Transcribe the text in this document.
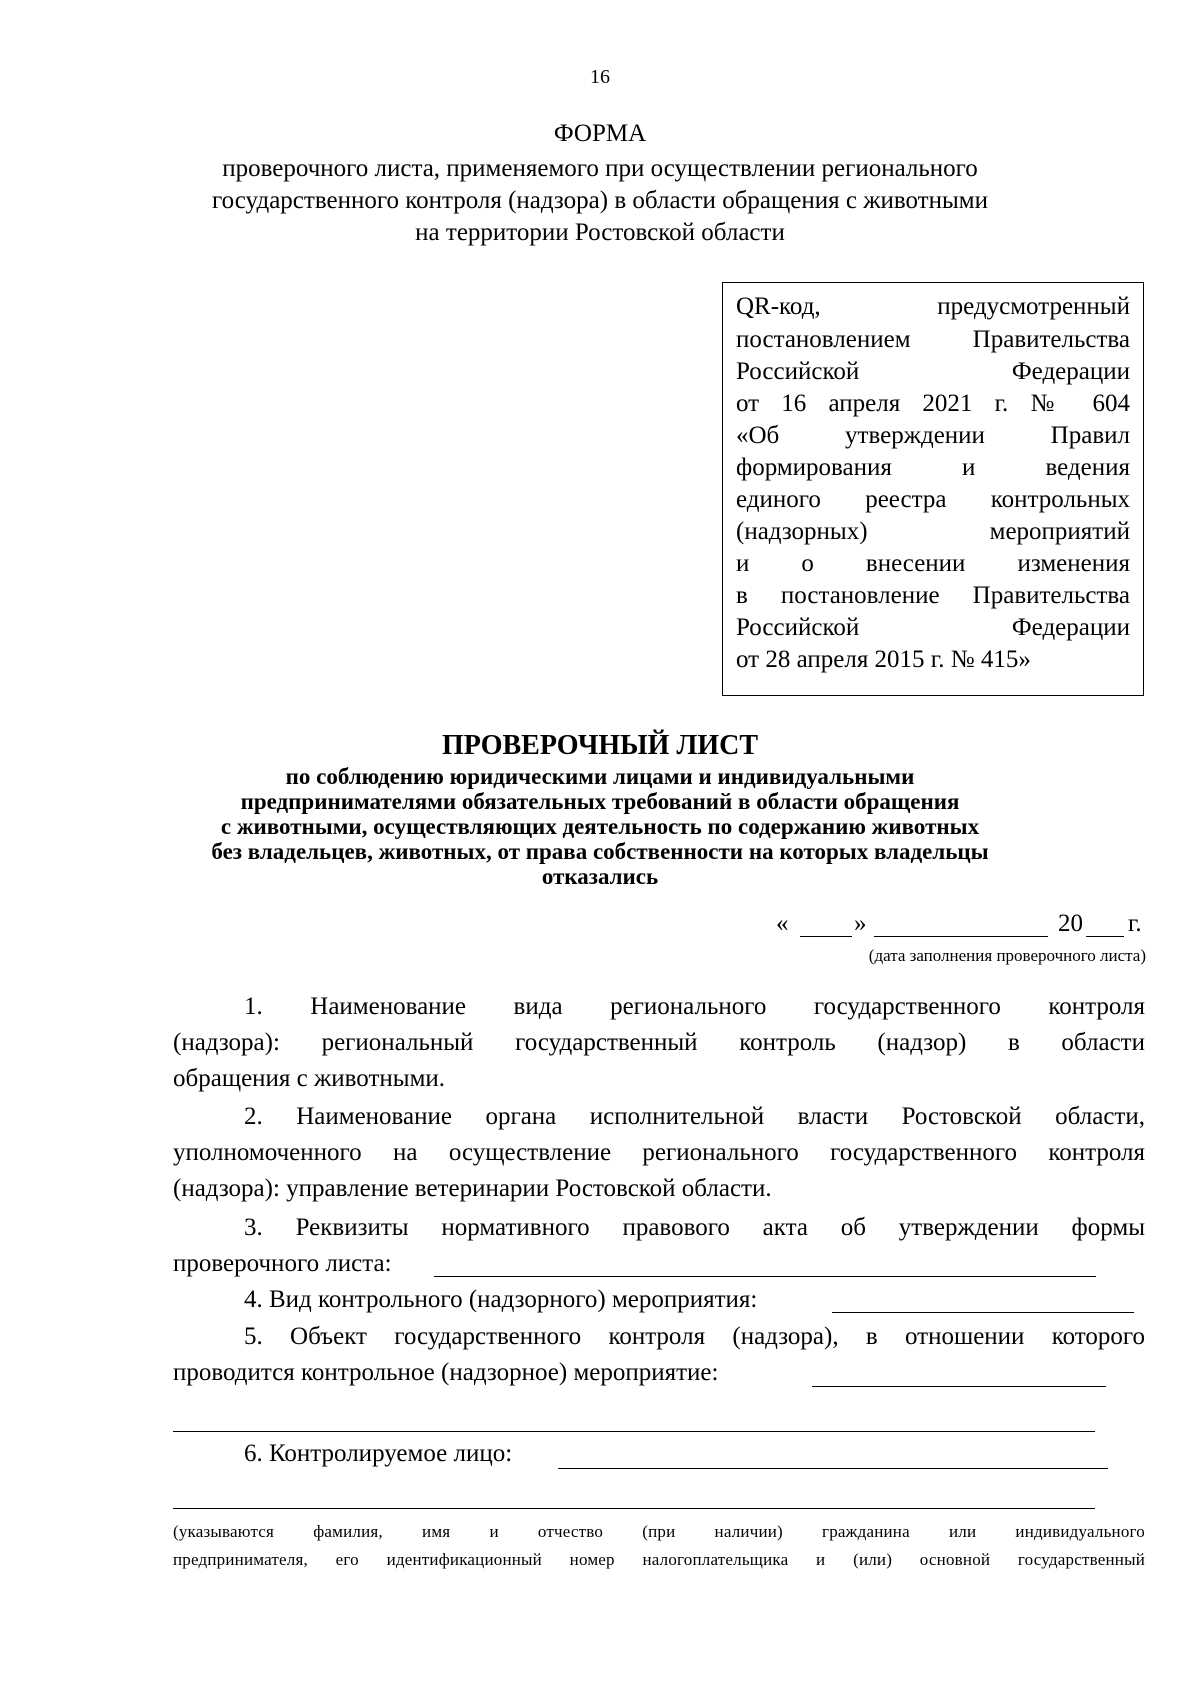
16
ФОРМА
проверочного листа, применяемого при осуществлении регионального
государственного контроля (надзора) в области обращения с животными
на территории Ростовской области
QR-код, предусмотренный
постановлением Правительства
Российской Федерации
от 16 апреля 2021 г. № 604
«Об утверждении Правил
формирования и ведения
единого реестра контрольных
(надзорных) мероприятий
и о внесении изменения
в постановление Правительства
Российской Федерации
от 28 апреля 2015 г. № 415»
ПРОВЕРОЧНЫЙ ЛИСТ
по соблюдению юридическими лицами и индивидуальными
предпринимателями обязательных требований в области обращения
с животными, осуществляющих деятельность по содержанию животных
без владельцев, животных, от права собственности на которых владельцы
отказались
«	»	20 г.
(дата заполнения проверочного листа)
1. Наименование вида регионального государственного контроля
(надзора): региональный государственный контроль (надзор) в области
обращения с животными.
2. Наименование органа исполнительной власти Ростовской области,
уполномоченного на осуществление регионального государственного контроля
(надзора): управление ветеринарии Ростовской области.
3. Реквизиты нормативного правового акта об утверждении формы
проверочного листа:
4. Вид контрольного (надзорного) мероприятия:
5. Объект государственного контроля (надзора), в отношении которого
проводится контрольное (надзорное) мероприятие:
6. Контролируемое лицо:
(указываются фамилия, имя и отчество (при наличии) гражданина или индивидуального
предпринимателя, его идентификационный номер налогоплательщика и (или) основной государственный
